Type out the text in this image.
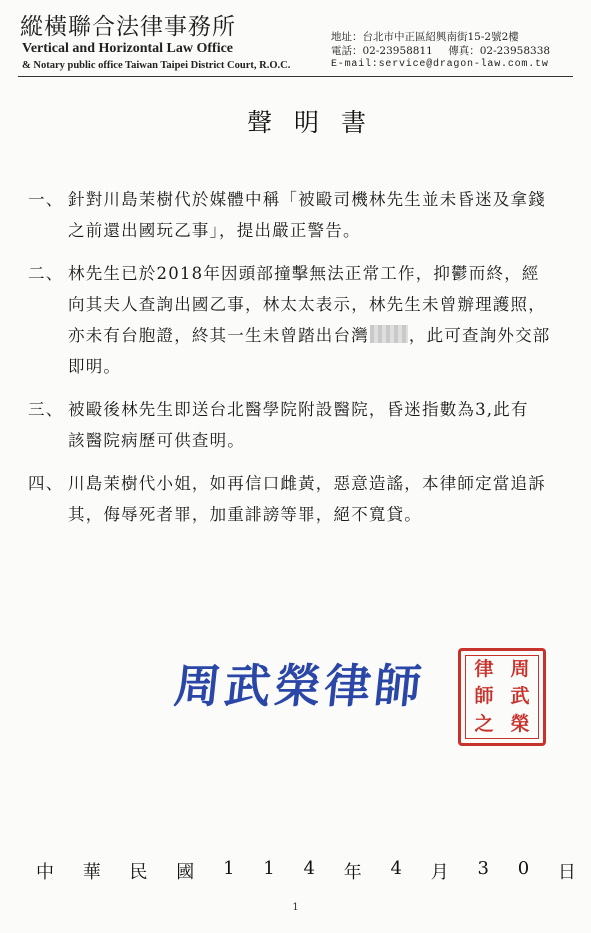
縱橫聯合法律事務所
Vertical and Horizontal Law Office
& Notary public office Taiwan Taipei District Court, R.O.C.
地址：台北市中正區紹興南街15-2號2樓
電話：02-23958811 傳真：02-23958338
E-mail:service@dragon-law.com.tw
聲明書
一、 針對川島茉樹代於媒體中稱「被毆司機林先生並未昏迷及拿錢
之前還出國玩乙事」，提出嚴正警告。
二、 林先生已於2018年因頭部撞擊無法正常工作，抑鬱而終，經
向其夫人查詢出國乙事，林太太表示，林先生未曾辦理護照，
亦未有台胞證，終其一生未曾踏出台灣 ，此可查詢外交部
即明。
三、 被毆後林先生即送台北醫學院附設醫院，昏迷指數為3,此有
該醫院病歷可供查明。
四、 川島茉樹代小姐，如再信口雌黃，惡意造謠，本律師定當追訴
其，侮辱死者罪，加重誹謗等罪，絕不寬貸。
周武榮律師	律 周
師 武
之 榮
中 華 民 國 1 1 4 年 4 月 3 0 日
1
